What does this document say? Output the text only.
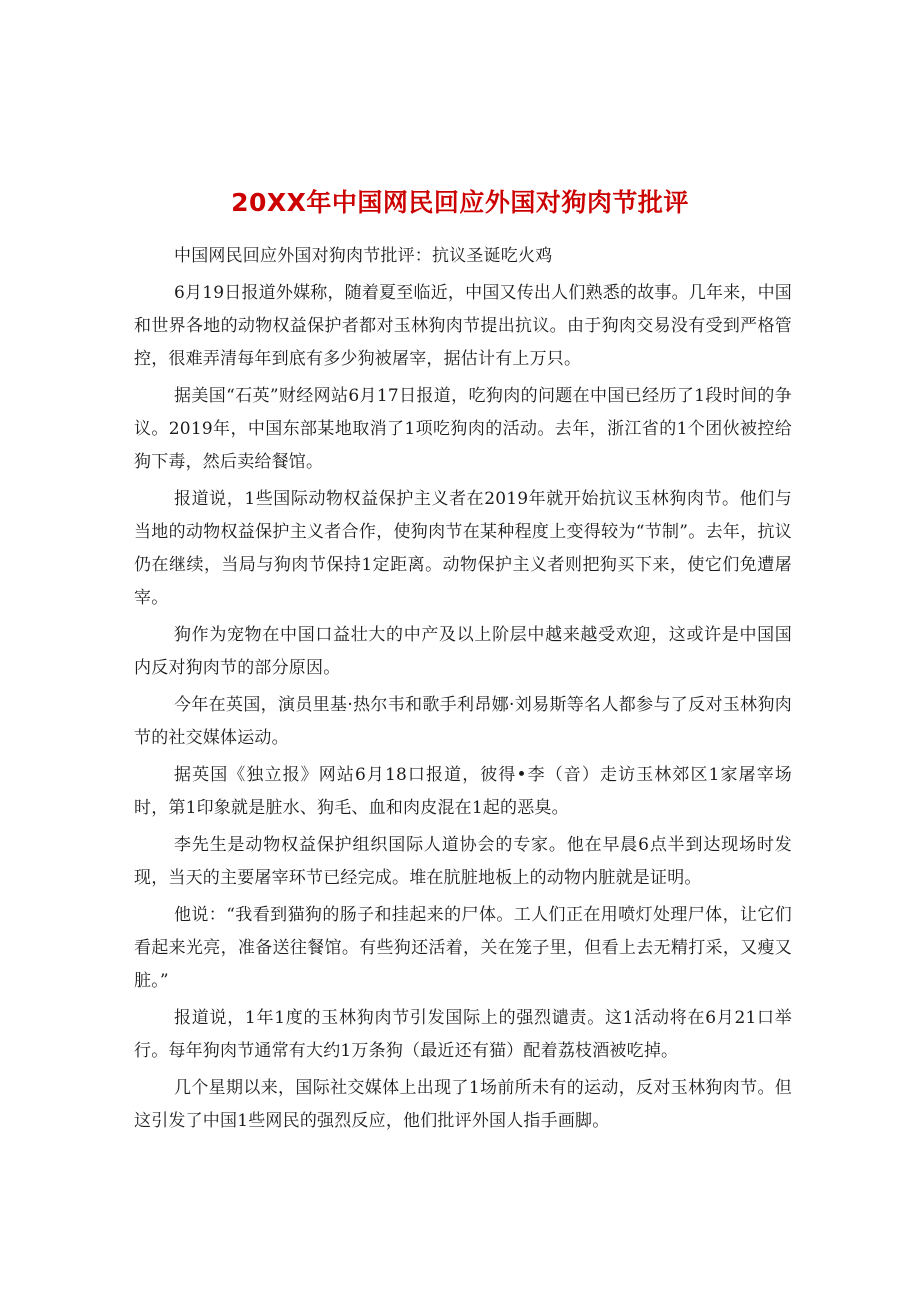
20XX年中国网民回应外国对狗肉节批评

中国网民回应外国对狗肉节批评：抗议圣诞吃火鸡

6月19日报道外媒称，随着夏至临近，中国又传出人们熟悉的故事。几年来，中国和世界各地的动物权益保护者都对玉林狗肉节提出抗议。由于狗肉交易没有受到严格管控，很难弄清每年到底有多少狗被屠宰，据估计有上万只。

据美国“石英”财经网站6月17日报道，吃狗肉的问题在中国已经历了1段时间的争议。2019年，中国东部某地取消了1项吃狗肉的活动。去年，浙江省的1个团伙被控给狗下毒，然后卖给餐馆。

报道说，1些国际动物权益保护主义者在2019年就开始抗议玉林狗肉节。他们与当地的动物权益保护主义者合作，使狗肉节在某种程度上变得较为“节制”。去年，抗议仍在继续，当局与狗肉节保持1定距离。动物保护主义者则把狗买下来，使它们免遭屠宰。

狗作为宠物在中国口益壮大的中产及以上阶层中越来越受欢迎，这或许是中国国内反对狗肉节的部分原因。

今年在英国，演员里基·热尔韦和歌手利昂娜·刘易斯等名人都参与了反对玉林狗肉节的社交媒体运动。

据英国《独立报》网站6月18口报道，彼得•李（音）走访玉林郊区1家屠宰场时，第1印象就是脏水、狗毛、血和肉皮混在1起的恶臭。

李先生是动物权益保护组织国际人道协会的专家。他在早晨6点半到达现场时发现，当天的主要屠宰环节已经完成。堆在肮脏地板上的动物内脏就是证明。

他说：“我看到猫狗的肠子和挂起来的尸体。工人们正在用喷灯处理尸体，让它们看起来光亮，准备送往餐馆。有些狗还活着，关在笼子里，但看上去无精打采，又瘦又脏。”

报道说，1年1度的玉林狗肉节引发国际上的强烈谴责。这1活动将在6月21口举行。每年狗肉节通常有大约1万条狗（最近还有猫）配着荔枝酒被吃掉。

几个星期以来，国际社交媒体上出现了1场前所未有的运动，反对玉林狗肉节。但这引发了中国1些网民的强烈反应，他们批评外国人指手画脚。
